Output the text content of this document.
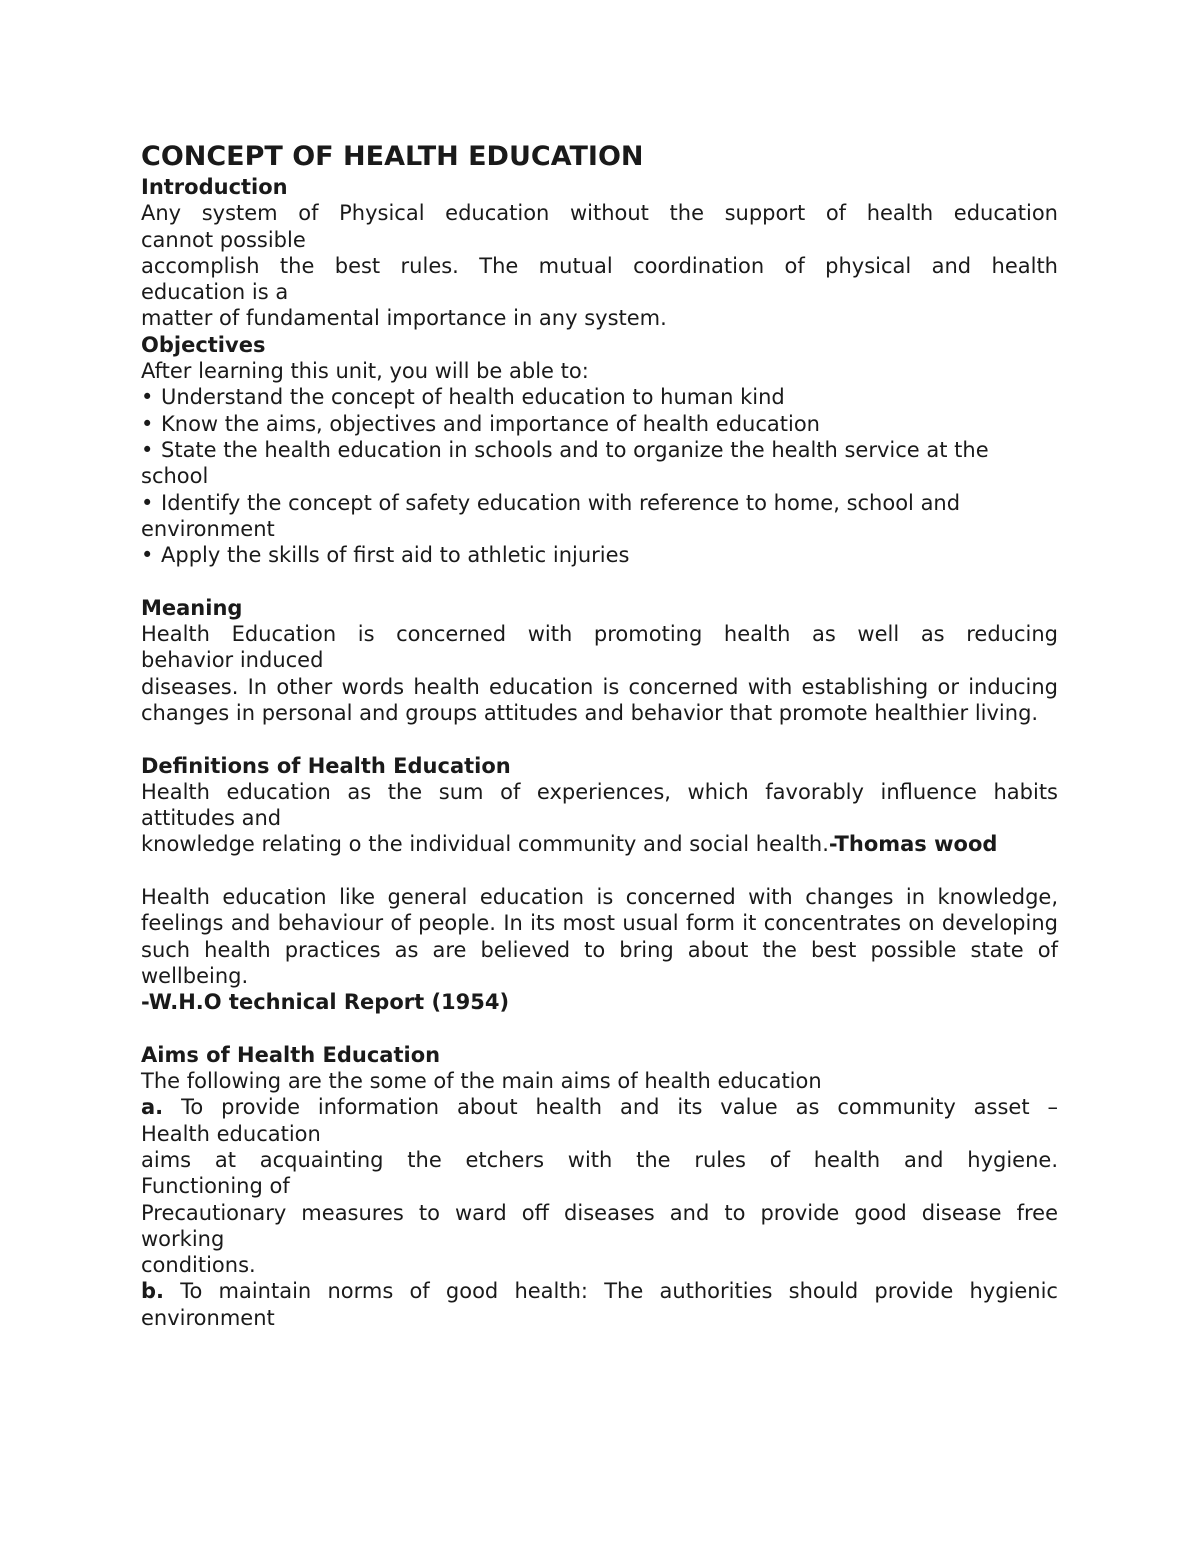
CONCEPT OF HEALTH EDUCATION

Introduction

Any system of Physical education without the support of health education

cannot possible

accomplish the best rules. The mutual coordination of physical and health

education is a

matter of fundamental importance in any system.

Objectives

After learning this unit, you will be able to:

• Understand the concept of health education to human kind

• Know the aims, objectives and importance of health education

• State the health education in schools and to organize the health service at the school

• Identify the concept of safety education with reference to home, school and environment

• Apply the skills of first aid to athletic injuries

Meaning

Health Education is concerned with promoting health as well as reducing

behavior induced

diseases. In other words health education is concerned with establishing or inducing changes in personal and groups attitudes and behavior that promote healthier living.

Definitions of Health Education

Health education as the sum of experiences, which favorably influence habits

attitudes and

knowledge relating o the individual community and social health.-Thomas wood

Health education like general education is concerned with changes in knowledge, feelings and behaviour of people. In its most usual form it concentrates on developing such health practices as are believed to bring about the best possible state of wellbeing.

-W.H.O technical Report (1954)

Aims of Health Education

The following are the some of the main aims of health education

a. To provide information about health and its value as community asset –

Health education

aims at acquainting the etchers with the rules of health and hygiene.

Functioning of

Precautionary measures to ward off diseases and to provide good disease free

working

conditions.

b. To maintain norms of good health: The authorities should provide hygienic

environment
